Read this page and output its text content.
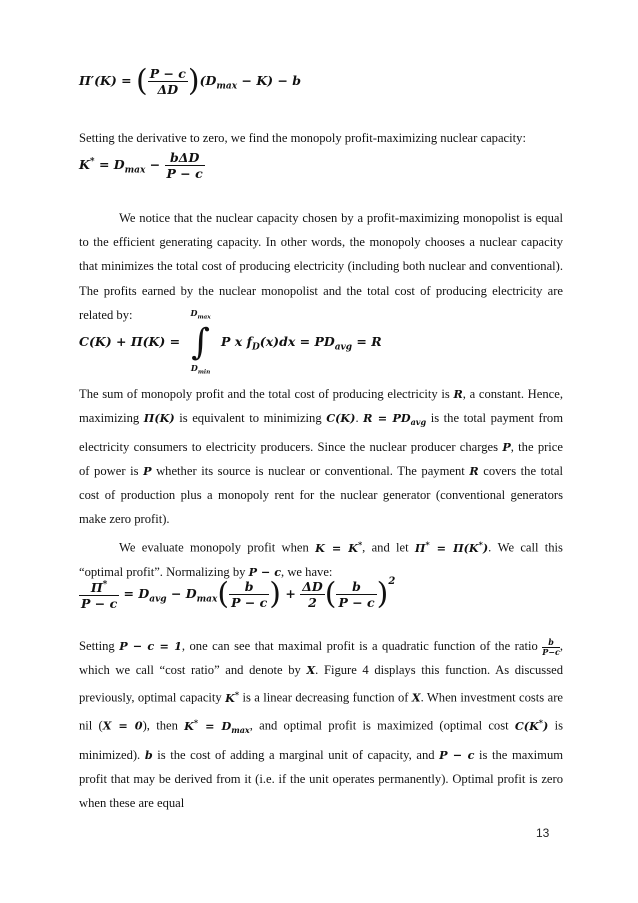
Π′(K) = ( $\frac{P - c}{\Delta D} )(D_{max} - K) - b$

Setting the derivative to zero, we find the monopoly profit-maximizing nuclear capacity:

$K^* = D_{max} - \frac{\text{bΔD}}{P - c}$

We notice that the nuclear capacity chosen by a profit-maximizing monopolist is equal to the efficient generating capacity. In other words, the monopoly chooses a nuclear capacity that minimizes the total cost of producing electricity (including both nuclear and conventional). The profits earned by the nuclear monopolist and the total cost of producing electricity are related by:

C(K) + Π(K) =
$D_{max}$
∫
$D_{min}$
P x $f_D(x)dx = PD_{avg} = R$

The sum of monopoly profit and the total cost of producing electricity is R, a constant. Hence, maximizing Π(K) is equivalent to minimizing C(K). $R = PD_{avg}$ is the total payment from electricity consumers to electricity producers. Since the nuclear producer charges P, the price of power is P whether its source is nuclear or conventional. The payment R covers the total cost of production plus a monopoly rent for the nuclear generator (conventional generators make zero profit).

We evaluate monopoly profit when K = K*, and let Π* = Π(K*). We call this “optimal profit”. Normalizing by P − c, we have:

$\frac{\Pi^*}{P - c} = D_{avg} - D_{max}( \frac{b}{P - c}$ ) + $\frac{\Delta D}{2}$ ( $\frac{b}{P - c} )^2$

Setting P − c = 1, one can see that maximal profit is a quadratic function of the ratio $\frac{b}{P-c}$ , which we call “cost ratio” and denote by X. Figure 4 displays this function. As discussed previously, optimal capacity K* is a linear decreasing function of X. When investment costs are nil (X = 0), then $K^* = D_{max}$, and optimal profit is maximized (optimal cost C(K*) is minimized). b is the cost of adding a marginal unit of capacity, and P − c is the maximum profit that may be derived from it (i.e. if the unit operates permanently). Optimal profit is zero when these are equal

13
